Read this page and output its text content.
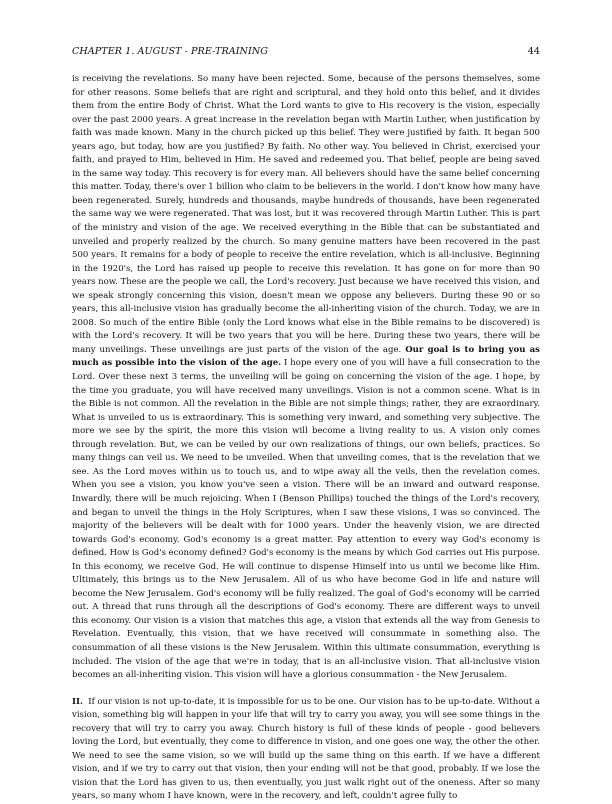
CHAPTER 1. AUGUST - PRE-TRAINING	44

is receiving the revelations. So many have been rejected. Some, because of the persons themselves, some for other reasons. Some beliefs that are right and scriptural, and they hold onto this belief, and it divides them from the entire Body of Christ. What the Lord wants to give to His recovery is the vision, especially over the past 2000 years. A great increase in the revelation began with Martin Luther, when justification by faith was made known. Many in the church picked up this belief. They were justified by faith. It began 500 years ago, but today, how are you justified? By faith. No other way. You believed in Christ, exercised your faith, and prayed to Him, believed in Him. He saved and redeemed you. That belief, people are being saved in the same way today. This recovery is for every man. All believers should have the same belief concerning this matter. Today, there's over 1 billion who claim to be believers in the world. I don't know how many have been regenerated. Surely, hundreds and thousands, maybe hundreds of thousands, have been regenerated the same way we were regenerated. That was lost, but it was recovered through Martin Luther. This is part of the ministry and vision of the age. We received everything in the Bible that can be substantiated and unveiled and properly realized by the church. So many genuine matters have been recovered in the past 500 years. It remains for a body of people to receive the entire revelation, which is all-inclusive. Beginning in the 1920's, the Lord has raised up people to receive this revelation. It has gone on for more than 90 years now. These are the people we call, the Lord's recovery. Just because we have received this vision, and we speak strongly concerning this vision, doesn't mean we oppose any believers. During these 90 or so years, this all-inclusive vision has gradually become the all-inheriting vision of the church. Today, we are in 2008. So much of the entire Bible (only the Lord knows what else in the Bible remains to be discovered) is with the Lord's recovery. It will be two years that you will be here. During these two years, there will be many unveilings. These unveilings are just parts of the vision of the age. Our goal is to bring you as much as possible into the vision of the age. I hope every one of you will have a full consecration to the Lord. Over these next 3 terms, the unveiling will be going on concerning the vision of the age. I hope, by the time you graduate, you will have received many unveilings. Vision is not a common scene. What is in the Bible is not common. All the revelation in the Bible are not simple things; rather, they are exraordinary. What is unveiled to us is extraordinary. This is something very inward, and something very subjective. The more we see by the spirit, the more this vision will become a living reality to us. A vision only comes through revelation. But, we can be veiled by our own realizations of things, our own beliefs, practices. So many things can veil us. We need to be unveiled. When that unveiling comes, that is the revelation that we see. As the Lord moves within us to touch us, and to wipe away all the veils, then the revelation comes. When you see a vision, you know you've seen a vision. There will be an inward and outward response. Inwardly, there will be much rejoicing. When I (Benson Phillips) touched the things of the Lord's recovery, and began to unveil the things in the Holy Scriptures, when I saw these visions, I was so convinced. The majority of the believers will be dealt with for 1000 years. Under the heavenly vision, we are directed towards God's economy. God's economy is a great matter. Pay attention to every way God's economy is defined. How is God's economy defined? God's economy is the means by which God carries out His purpose. In this economy, we receive God. He will continue to dispense Himself into us until we become like Him. Ultimately, this brings us to the New Jerusalem. All of us who have become God in life and nature will become the New Jerusalem. God's economy will be fully realized. The goal of God's economy will be carried out. A thread that runs through all the descriptions of God's economy. There are different ways to unveil this economy. Our vision is a vision that matches this age, a vision that extends all the way from Genesis to Revelation. Eventually, this vision, that we have received will consummate in something also. The consummation of all these visions is the New Jerusalem. Within this ultimate consummation, everything is included. The vision of the age that we're in today, that is an all-inclusive vision. That all-inclusive vision becomes an all-inheriting vision. This vision will have a glorious consummation - the New Jerusalem.

II. If our vision is not up-to-date, it is impossible for us to be one. Our vision has to be up-to-date. Without a vision, something big will happen in your life that will try to carry you away, you will see some things in the recovery that will try to carry you away. Church history is full of these kinds of people - good believers loving the Lord, but eventually, they come to difference in vision, and one goes one way, the other the other. We need to see the same vision, so we will build up the same thing on this earth. If we have a different vision, and if we try to carry out that vision, then your ending will not be that good, probably. If we lose the vision that the Lord has given to us, then eventually, you just walk right out of the oneness. After so many years, so many whom I have known, were in the recovery, and left, couldn't agree fully to
